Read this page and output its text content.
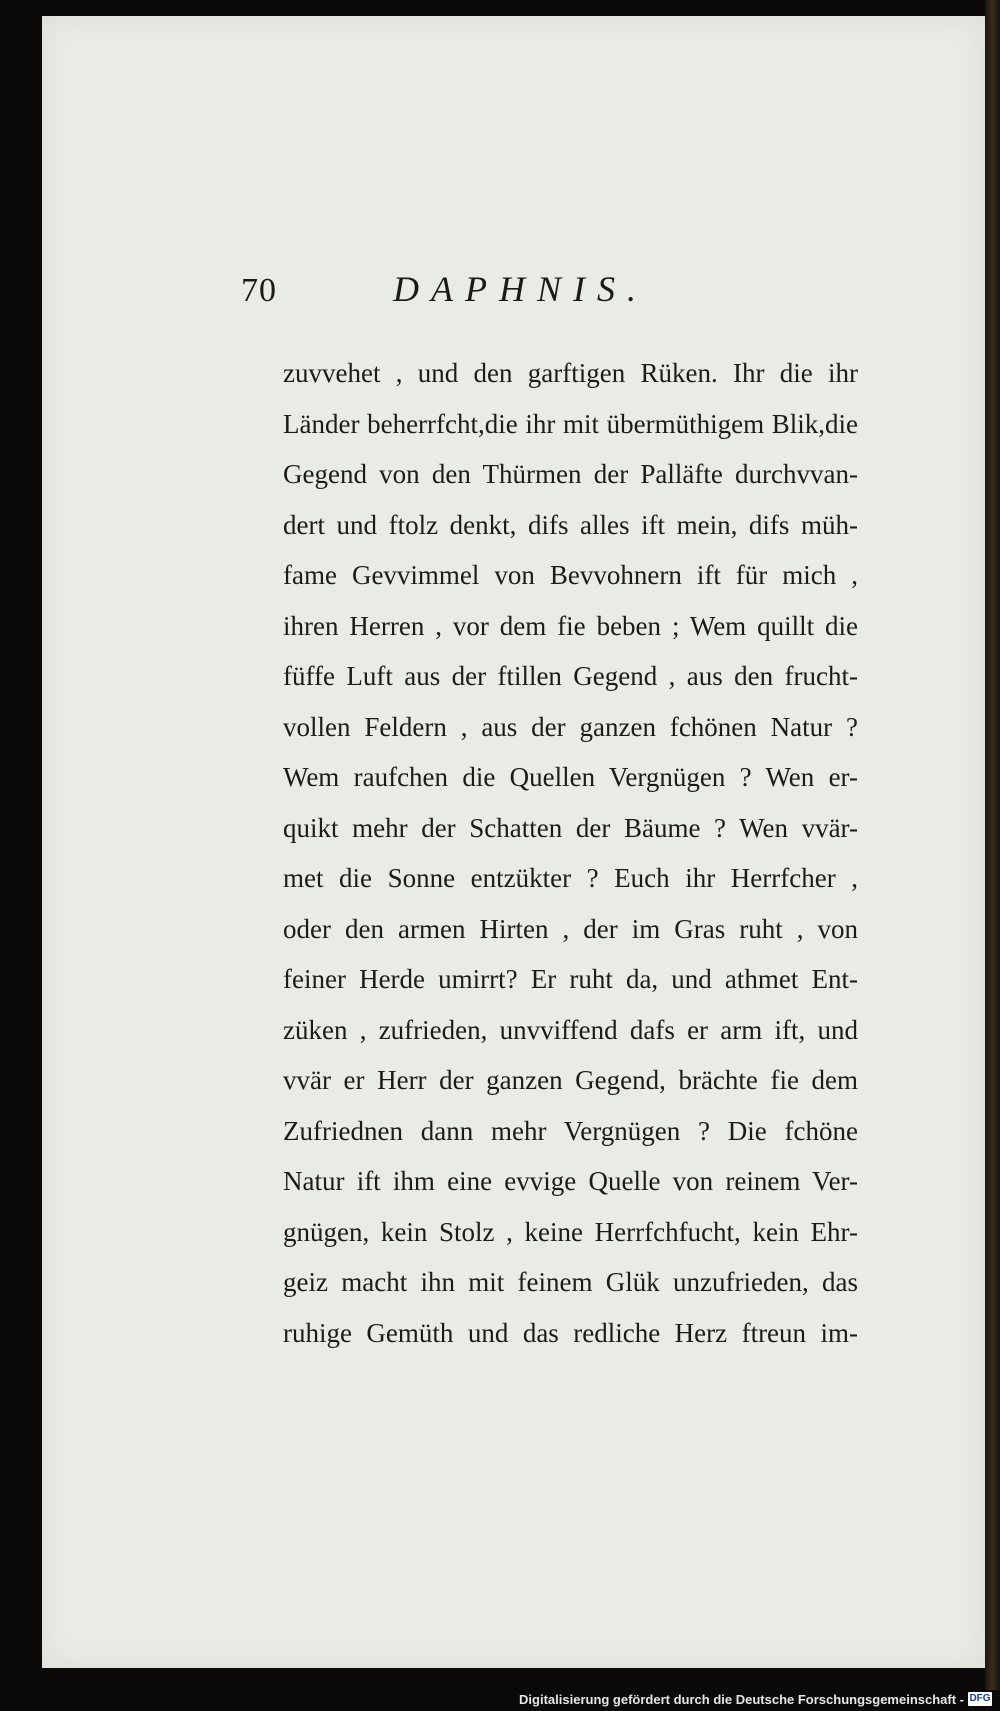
70	DAPHNIS.
zuvvehet , und den garftigen Rüken. Ihr die ihr
Länder beherrfcht,die ihr mit übermüthigem Blik,die
Gegend von den Thürmen der Palläfte durchvvan-
dert und ftolz denkt, difs alles ift mein, difs müh-
fame Gevvimmel von Bevvohnern ift für mich ,
ihren Herren , vor dem fie beben ; Wem quillt die
füffe Luft aus der ftillen Gegend , aus den frucht-
vollen Feldern , aus der ganzen fchönen Natur ?
Wem raufchen die Quellen Vergnügen ? Wen er-
quikt mehr der Schatten der Bäume ? Wen vvär-
met die Sonne entzükter ? Euch ihr Herrfcher ,
oder den armen Hirten , der im Gras ruht , von
feiner Herde umirrt? Er ruht da, und athmet Ent-
züken , zufrieden, unvviffend dafs er arm ift, und
vvär er Herr der ganzen Gegend, brächte fie dem
Zufriednen dann mehr Vergnügen ? Die fchöne
Natur ift ihm eine evvige Quelle von reinem Ver-
gnügen, kein Stolz , keine Herrfchfucht, kein Ehr-
geiz macht ihn mit feinem Glük unzufrieden, das
ruhige Gemüth und das redliche Herz ftreun im-
Digitalisierung gefördert durch die Deutsche Forschungsgemeinschaft - DFG
